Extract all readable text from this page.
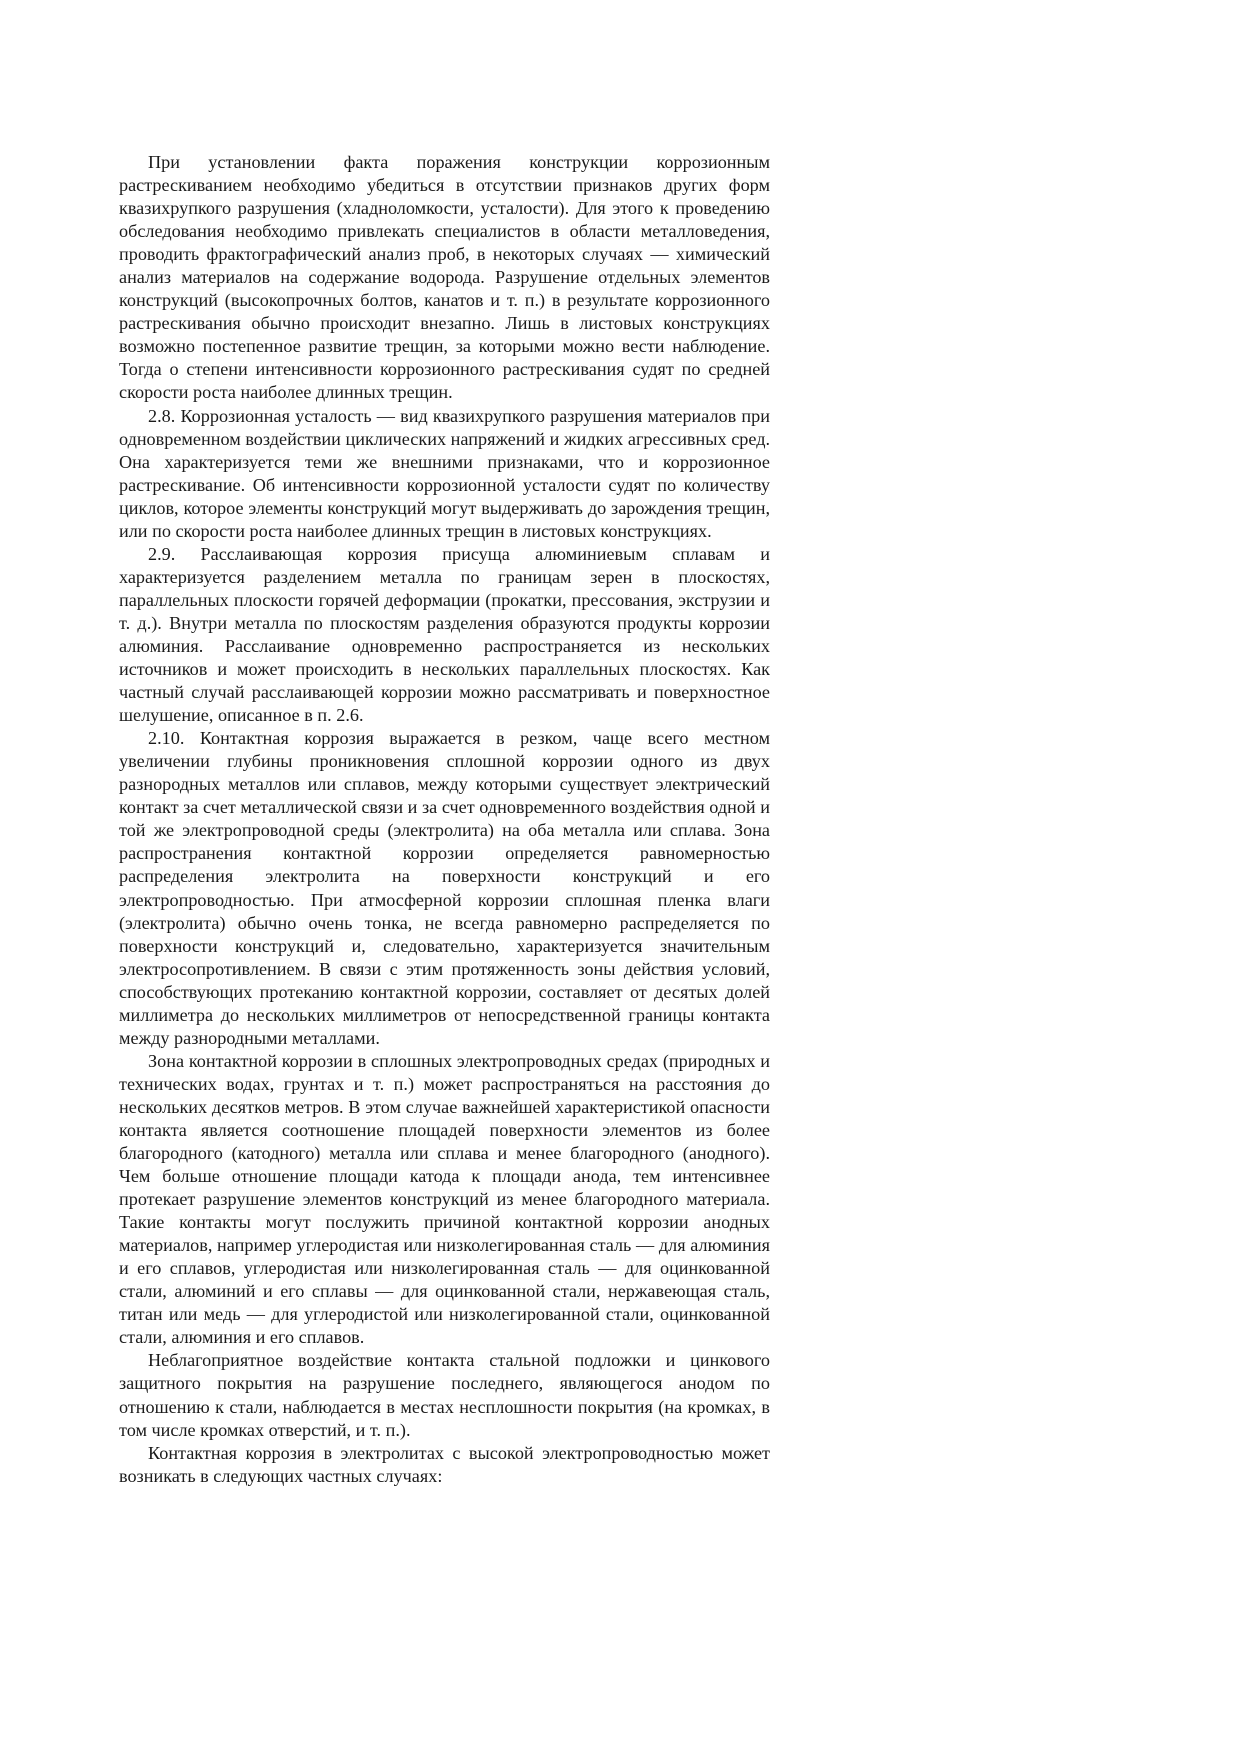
При установлении факта поражения конструкции коррозионным растрескиванием необходимо убедиться в отсутствии признаков других форм квазихрупкого разрушения (хладноломкости, усталости). Для этого к проведению обследования необходимо привлекать специалистов в области металловедения, проводить фрактографический анализ проб, в некоторых случаях — химический анализ материалов на содержание водорода. Разрушение отдельных элементов конструкций (высокопрочных болтов, канатов и т. п.) в результате коррозионного растрескивания обычно происходит внезапно. Лишь в листовых конструкциях возможно постепенное развитие трещин, за которыми можно вести наблюдение. Тогда о степени интенсивности коррозионного растрескивания судят по средней скорости роста наиболее длинных трещин.

2.8. Коррозионная усталость — вид квазихрупкого разрушения материалов при одновременном воздействии циклических напряжений и жидких агрессивных сред. Она характеризуется теми же внешними признаками, что и коррозионное растрескивание. Об интенсивности коррозионной усталости судят по количеству циклов, которое элементы конструкций могут выдерживать до зарождения трещин, или по скорости роста наиболее длинных трещин в листовых конструкциях.

2.9. Расслаивающая коррозия присуща алюминиевым сплавам и характеризуется разделением металла по границам зерен в плоскостях, параллельных плоскости горячей деформации (прокатки, прессования, экструзии и т. д.). Внутри металла по плоскостям разделения образуются продукты коррозии алюминия. Расслаивание одновременно распространяется из нескольких источников и может происходить в нескольких параллельных плоскостях. Как частный случай расслаивающей коррозии можно рассматривать и поверхностное шелушение, описанное в п. 2.6.

2.10. Контактная коррозия выражается в резком, чаще всего местном увеличении глубины проникновения сплошной коррозии одного из двух разнородных металлов или сплавов, между которыми существует электрический контакт за счет металлической связи и за счет одновременного воздействия одной и той же электропроводной среды (электролита) на оба металла или сплава. Зона распространения контактной коррозии определяется равномерностью распределения электролита на поверхности конструкций и его электропроводностью. При атмосферной коррозии сплошная пленка влаги (электролита) обычно очень тонка, не всегда равномерно распределяется по поверхности конструкций и, следовательно, характеризуется значительным электросопротивлением. В связи с этим протяженность зоны действия условий, способствующих протеканию контактной коррозии, составляет от десятых долей миллиметра до нескольких миллиметров от непосредственной границы контакта между разнородными металлами.

Зона контактной коррозии в сплошных электропроводных средах (природных и технических водах, грунтах и т. п.) может распространяться на расстояния до нескольких десятков метров. В этом случае важнейшей характеристикой опасности контакта является соотношение площадей поверхности элементов из более благородного (катодного) металла или сплава и менее благородного (анодного). Чем больше отношение площади катода к площади анода, тем интенсивнее протекает разрушение элементов конструкций из менее благородного материала. Такие контакты могут послужить причиной контактной коррозии анодных материалов, например углеродистая или низколегированная сталь — для алюминия и его сплавов, углеродистая или низколегированная сталь — для оцинкованной стали, алюминий и его сплавы — для оцинкованной стали, нержавеющая сталь, титан или медь — для углеродистой или низколегированной стали, оцинкованной стали, алюминия и его сплавов.

Неблагоприятное воздействие контакта стальной подложки и цинкового защитного покрытия на разрушение последнего, являющегося анодом по отношению к стали, наблюдается в местах несплошности покрытия (на кромках, в том числе кромках отверстий, и т. п.).

Контактная коррозия в электролитах с высокой электропроводностью может возникать в следующих частных случаях:
